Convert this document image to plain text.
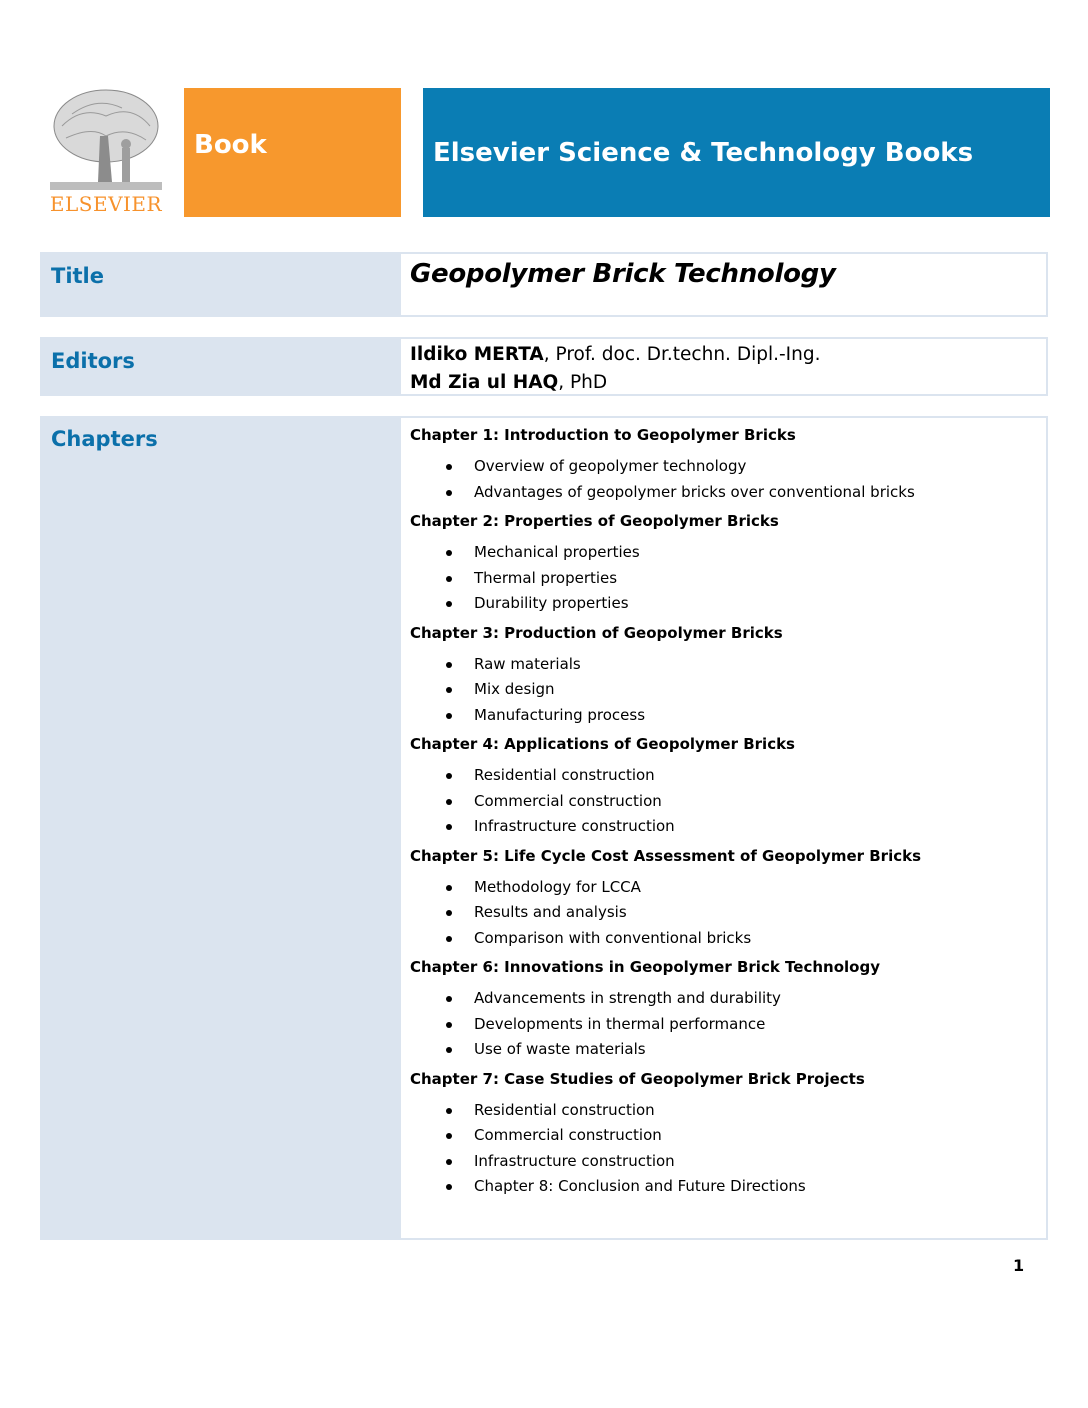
ELSEVIER
Book	Elsevier Science & Technology Books
Title	Geopolymer Brick Technology
Editors	Ildiko MERTA, Prof. doc. Dr.techn. Dipl.-Ing.
Md Zia ul HAQ, PhD
Chapters	Chapter 1: Introduction to Geopolymer Bricks

Overview of geopolymer technology
Advantages of geopolymer bricks over conventional bricks

Chapter 2: Properties of Geopolymer Bricks

Mechanical properties
Thermal properties
Durability properties

Chapter 3: Production of Geopolymer Bricks

Raw materials
Mix design
Manufacturing process

Chapter 4: Applications of Geopolymer Bricks

Residential construction
Commercial construction
Infrastructure construction

Chapter 5: Life Cycle Cost Assessment of Geopolymer Bricks

Methodology for LCCA
Results and analysis
Comparison with conventional bricks

Chapter 6: Innovations in Geopolymer Brick Technology

Advancements in strength and durability
Developments in thermal performance
Use of waste materials

Chapter 7: Case Studies of Geopolymer Brick Projects

Residential construction
Commercial construction
Infrastructure construction
Chapter 8: Conclusion and Future Directions
1
